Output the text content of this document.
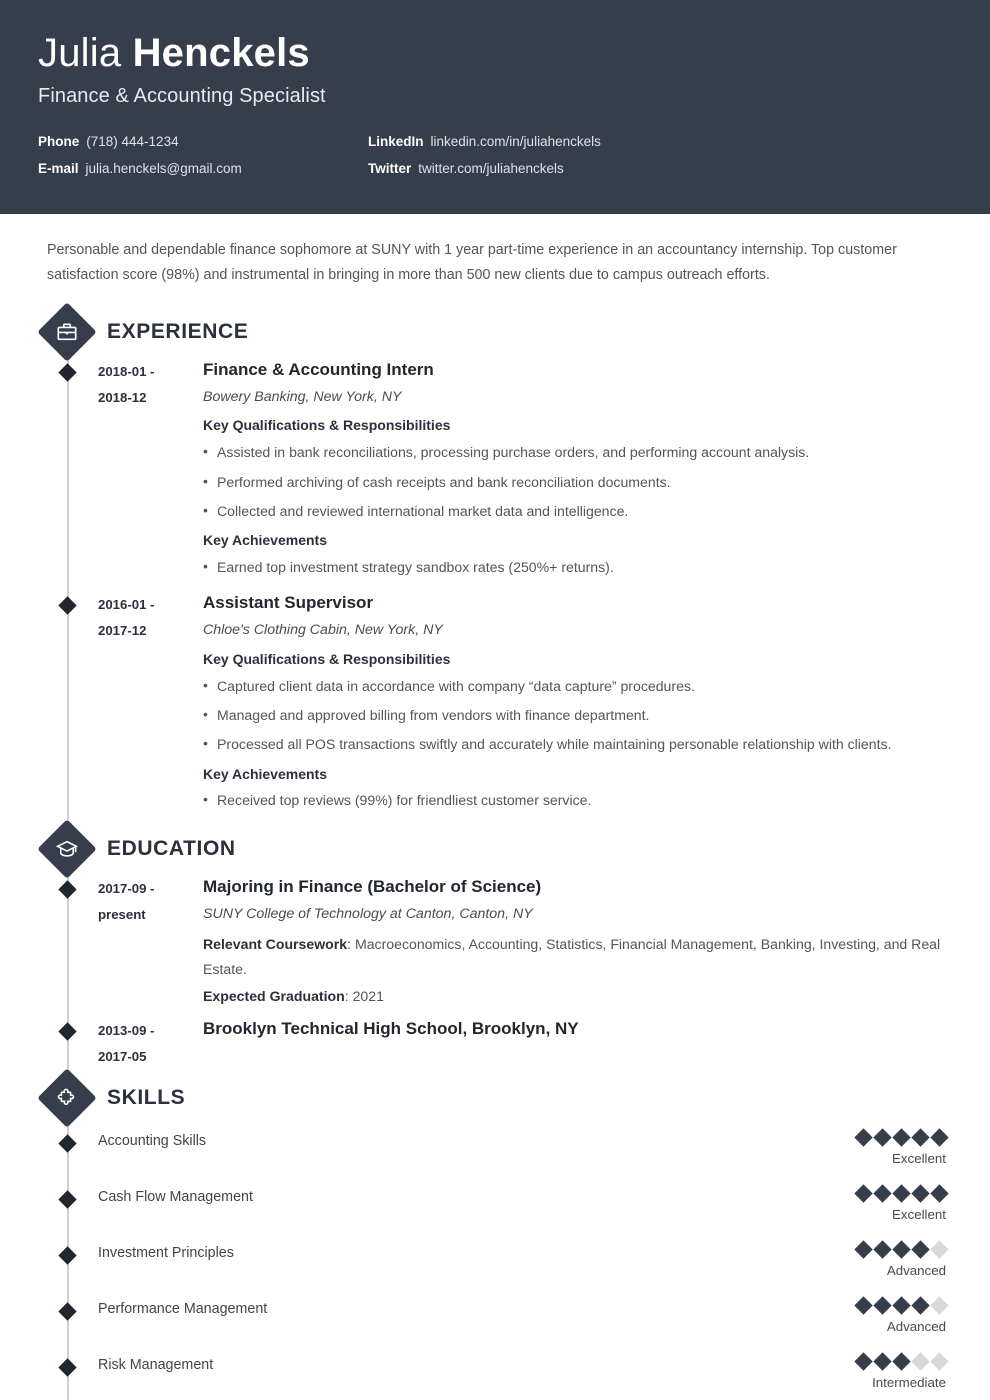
Julia Henckels
Finance & Accounting Specialist
Phone (718) 444-1234	LinkedIn linkedin.com/in/juliahenckels
E-mail julia.henckels@gmail.com	Twitter twitter.com/juliahenckels
Personable and dependable finance sophomore at SUNY with 1 year part-time experience in an accountancy internship. Top customer satisfaction score (98%) and instrumental in bringing in more than 500 new clients due to campus outreach efforts.
EXPERIENCE
2018-01 -
2018-12
Finance & Accounting Intern
Bowery Banking, New York, NY
Key Qualifications & Responsibilities
• Assisted in bank reconciliations, processing purchase orders, and performing account analysis.
• Performed archiving of cash receipts and bank reconciliation documents.
• Collected and reviewed international market data and intelligence.
Key Achievements
• Earned top investment strategy sandbox rates (250%+ returns).
2016-01 -
2017-12
Assistant Supervisor
Chloe's Clothing Cabin, New York, NY
Key Qualifications & Responsibilities
• Captured client data in accordance with company “data capture” procedures.
• Managed and approved billing from vendors with finance department.
• Processed all POS transactions swiftly and accurately while maintaining personable relationship with clients.
Key Achievements
• Received top reviews (99%) for friendliest customer service.
EDUCATION
2017-09 -
present
Majoring in Finance (Bachelor of Science)
SUNY College of Technology at Canton, Canton, NY
Relevant Coursework: Macroeconomics, Accounting, Statistics, Financial Management, Banking, Investing, and Real Estate.
Expected Graduation: 2021
2013-09 -
2017-05
Brooklyn Technical High School, Brooklyn, NY
SKILLS
Accounting Skills
Excellent
Cash Flow Management
Excellent
Investment Principles
Advanced
Performance Management
Advanced
Risk Management
Intermediate
